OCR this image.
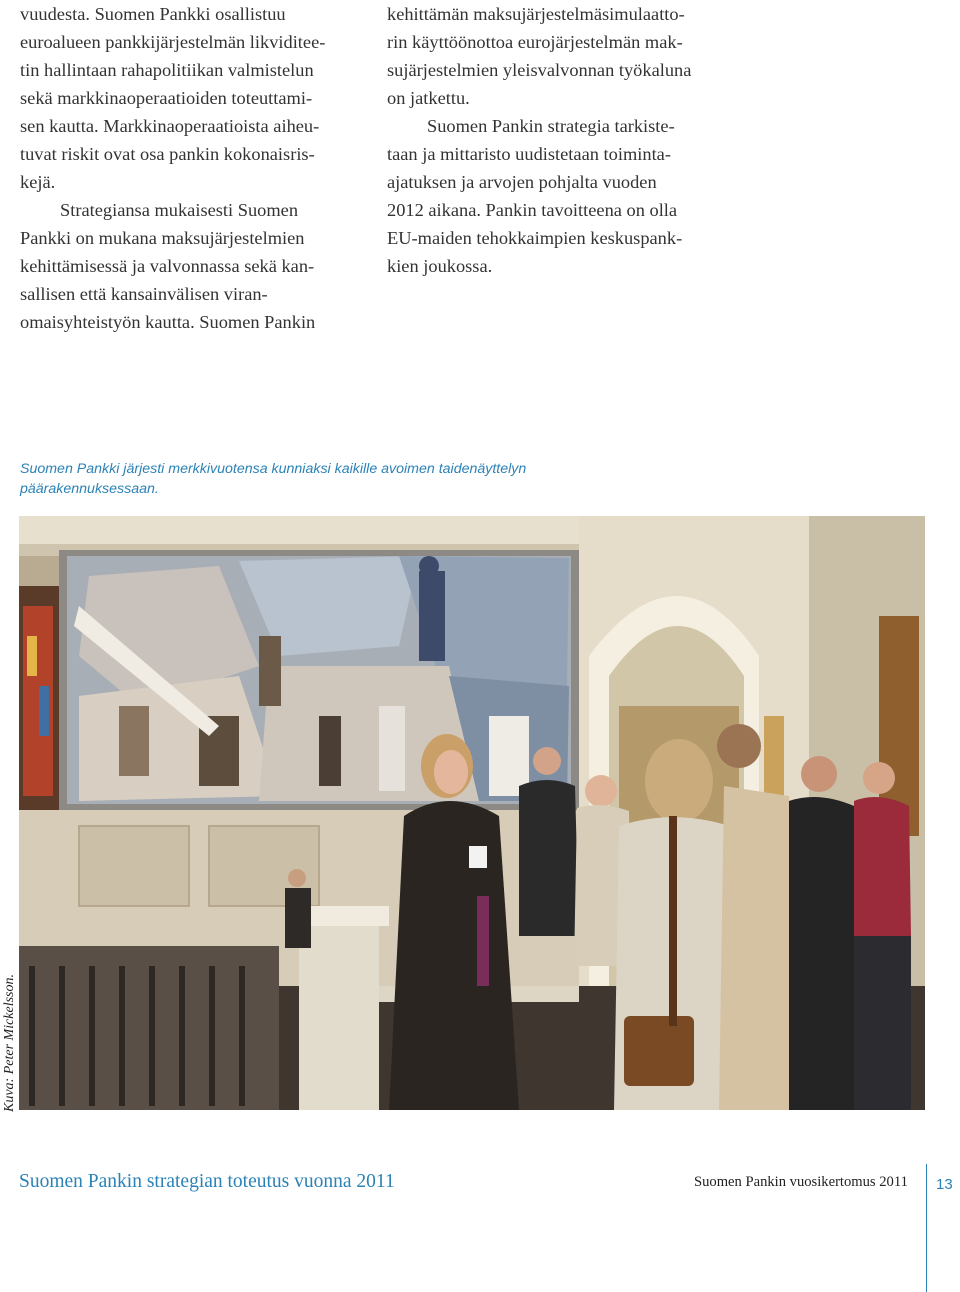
vuudesta. Suomen Pankki osallistuu

euroalueen pankkijärjestelmän likviditee-

tin hallintaan rahapolitiikan valmistelun

sekä markkinaoperaatioiden toteuttami-

sen kautta. Markkinaoperaatioista aiheu-

tuvat riskit ovat osa pankin kokonaisris-

kejä.

Strategiansa mukaisesti Suomen

Pankki on mukana maksujärjestelmien

kehittämisessä ja valvonnassa sekä kan-

sallisen että kansainvälisen viran-

omaisyhteistyön kautta. Suomen Pankin

kehittämän maksujärjestelmäsimulaatto-

rin käyttöönottoa eurojärjestelmän mak-

sujärjestelmien yleisvalvonnan työkaluna

on jatkettu.

Suomen Pankin strategia tarkiste-

taan ja mittaristo uudistetaan toiminta-

ajatuksen ja arvojen pohjalta vuoden

2012 aikana. Pankin tavoitteena on olla

EU-maiden tehokkaimpien keskuspank-

kien joukossa.

Suomen Pankki järjesti merkkivuotensa kunniaksi kaikille avoimen taidenäyttelyn
päärakennuksessaan.
Kuva: Peter Mickelsson.
Suomen Pankin strategian toteutus vuonna 2011	Suomen Pankin vuosikertomus 2011 13
